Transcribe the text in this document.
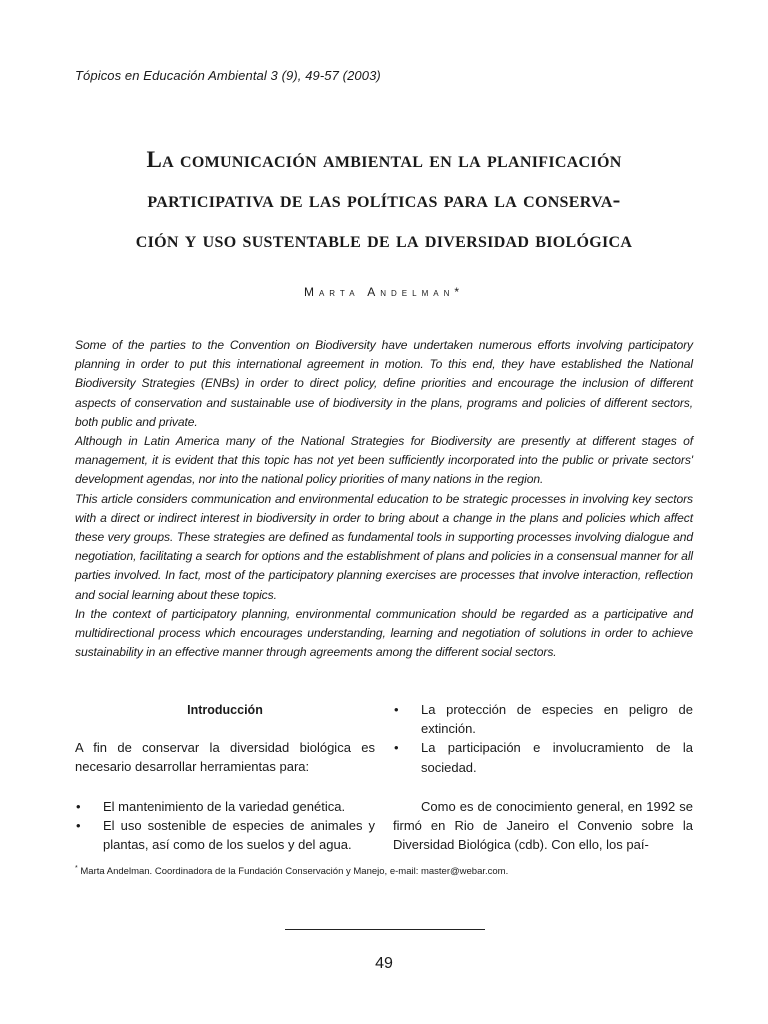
Tópicos en Educación Ambiental 3 (9), 49-57 (2003)
La comunicación ambiental en la planificación
participativa de las políticas para la conserva-
ción y uso sustentable de la diversidad biológica
Marta Andelman*

Some of the parties to the Convention on Biodiversity have undertaken numerous efforts involving participatory planning in order to put this international agreement in motion. To this end, they have established the National Biodiversity Strategies (ENBs) in order to direct policy, define priorities and encourage the inclusion of different aspects of conservation and sustainable use of biodiversity in the plans, programs and policies of different sectors, both public and private.

Although in Latin America many of the National Strategies for Biodiversity are presently at different stages of management, it is evident that this topic has not yet been sufficiently incorporated into the public or private sectors' development agendas, nor into the national policy priorities of many nations in the region.

This article considers communication and environmental education to be strategic processes in involving key sectors with a direct or indirect interest in biodiversity in order to bring about a change in the plans and policies which affect these very groups. These strategies are defined as fundamental tools in supporting processes involving dialogue and negotiation, facilitating a search for options and the establishment of plans and policies in a consensual manner for all parties involved. In fact, most of the participatory planning exercises are processes that involve interaction, reflection and social learning about these topics.

In the context of participatory planning, environmental communication should be regarded as a participative and multidirectional process which encourages understanding, learning and negotiation of solutions in order to achieve sustainability in an effective manner through agreements among the different social sectors.

Introducción

A fin de conservar la diversidad biológica es necesario desarrollar herramientas para:

• El mantenimiento de la variedad genética.
• El uso sostenible de especies de animales y plantas, así como de los suelos y del agua.
• La protección de especies en peligro de extinción.
• La participación e involucramiento de la sociedad.

Como es de conocimiento general, en 1992 se firmó en Rio de Janeiro el Convenio sobre la Diversidad Biológica (cdb). Con ello, los paí-

* Marta Andelman. Coordinadora de la Fundación Conservación y Manejo, e-mail: master@webar.com.
49
